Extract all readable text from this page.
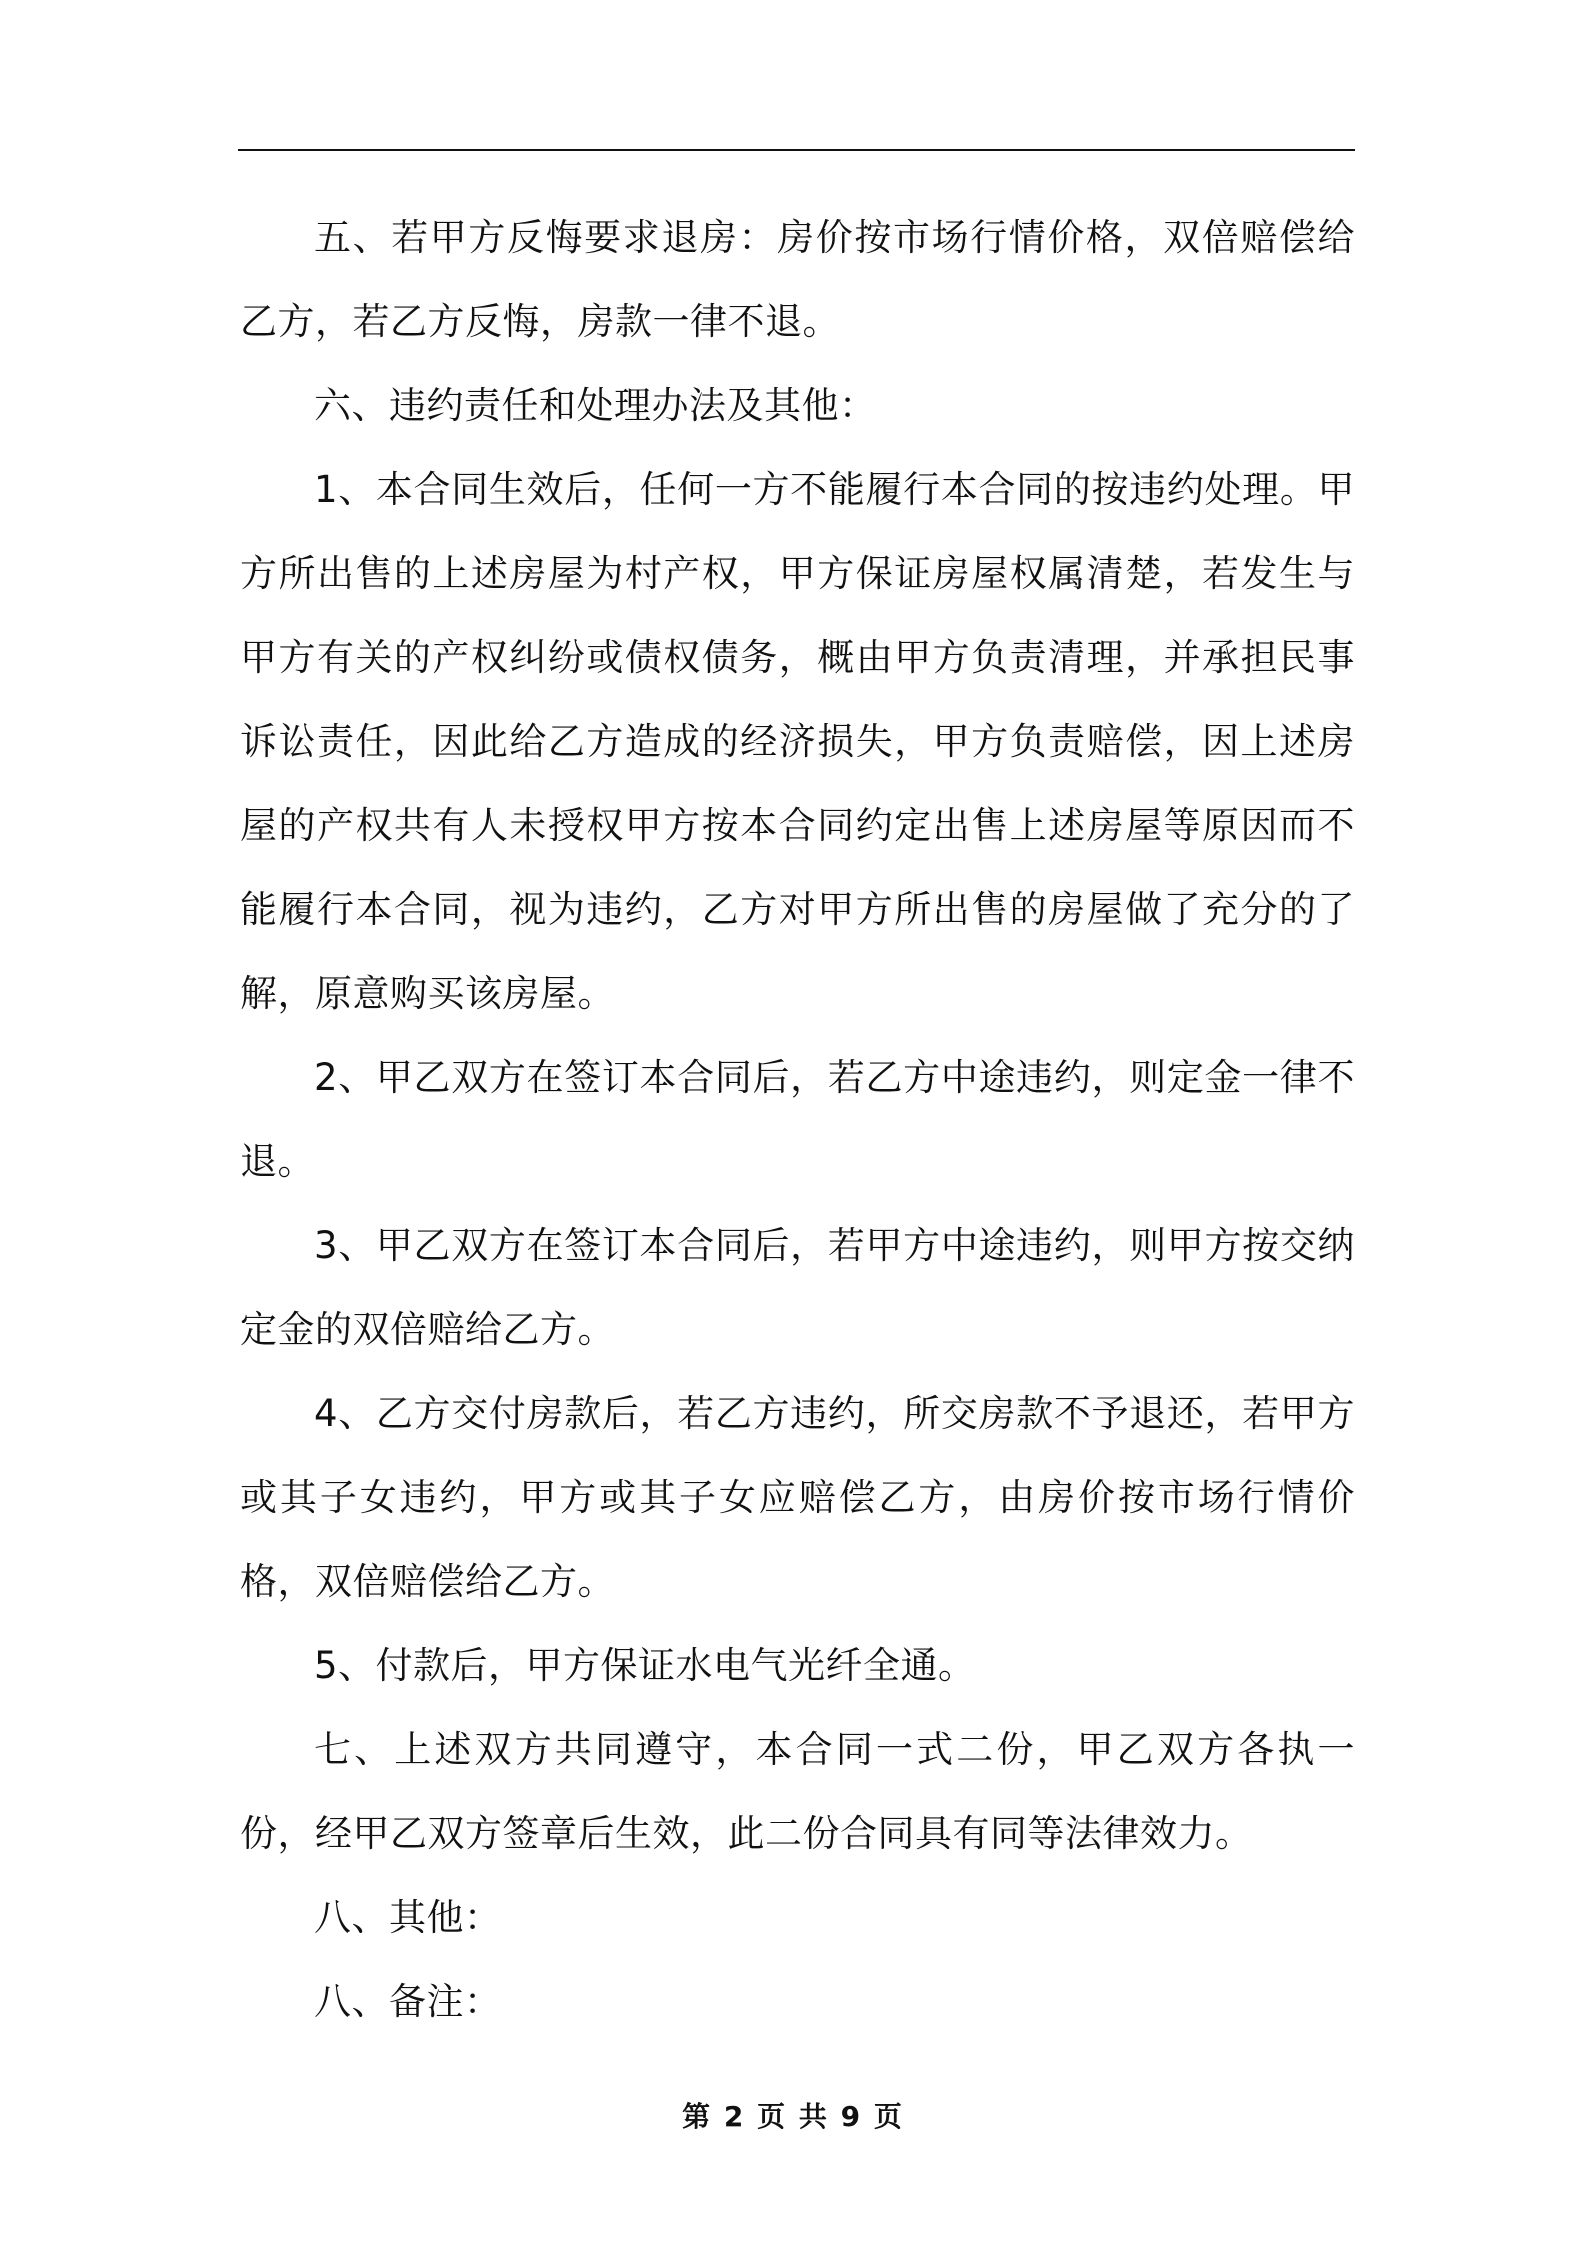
五、若甲方反悔要求退房：房价按市场行情价格，双倍赔偿给乙方，若乙方反悔，房款一律不退。

六、违约责任和处理办法及其他：

1、本合同生效后，任何一方不能履行本合同的按违约处理。甲方所出售的上述房屋为村产权，甲方保证房屋权属清楚，若发生与甲方有关的产权纠纷或债权债务，概由甲方负责清理，并承担民事诉讼责任，因此给乙方造成的经济损失，甲方负责赔偿，因上述房屋的产权共有人未授权甲方按本合同约定出售上述房屋等原因而不能履行本合同，视为违约，乙方对甲方所出售的房屋做了充分的了解，原意购买该房屋。

2、甲乙双方在签订本合同后，若乙方中途违约，则定金一律不退。

3、甲乙双方在签订本合同后，若甲方中途违约，则甲方按交纳定金的双倍赔给乙方。

4、乙方交付房款后，若乙方违约，所交房款不予退还，若甲方或其子女违约，甲方或其子女应赔偿乙方，由房价按市场行情价格，双倍赔偿给乙方。

5、付款后，甲方保证水电气光纤全通。

七、上述双方共同遵守，本合同一式二份，甲乙双方各执一份，经甲乙双方签章后生效，此二份合同具有同等法律效力。

八、其他：

八、备注：

第 2 页 共 9 页
